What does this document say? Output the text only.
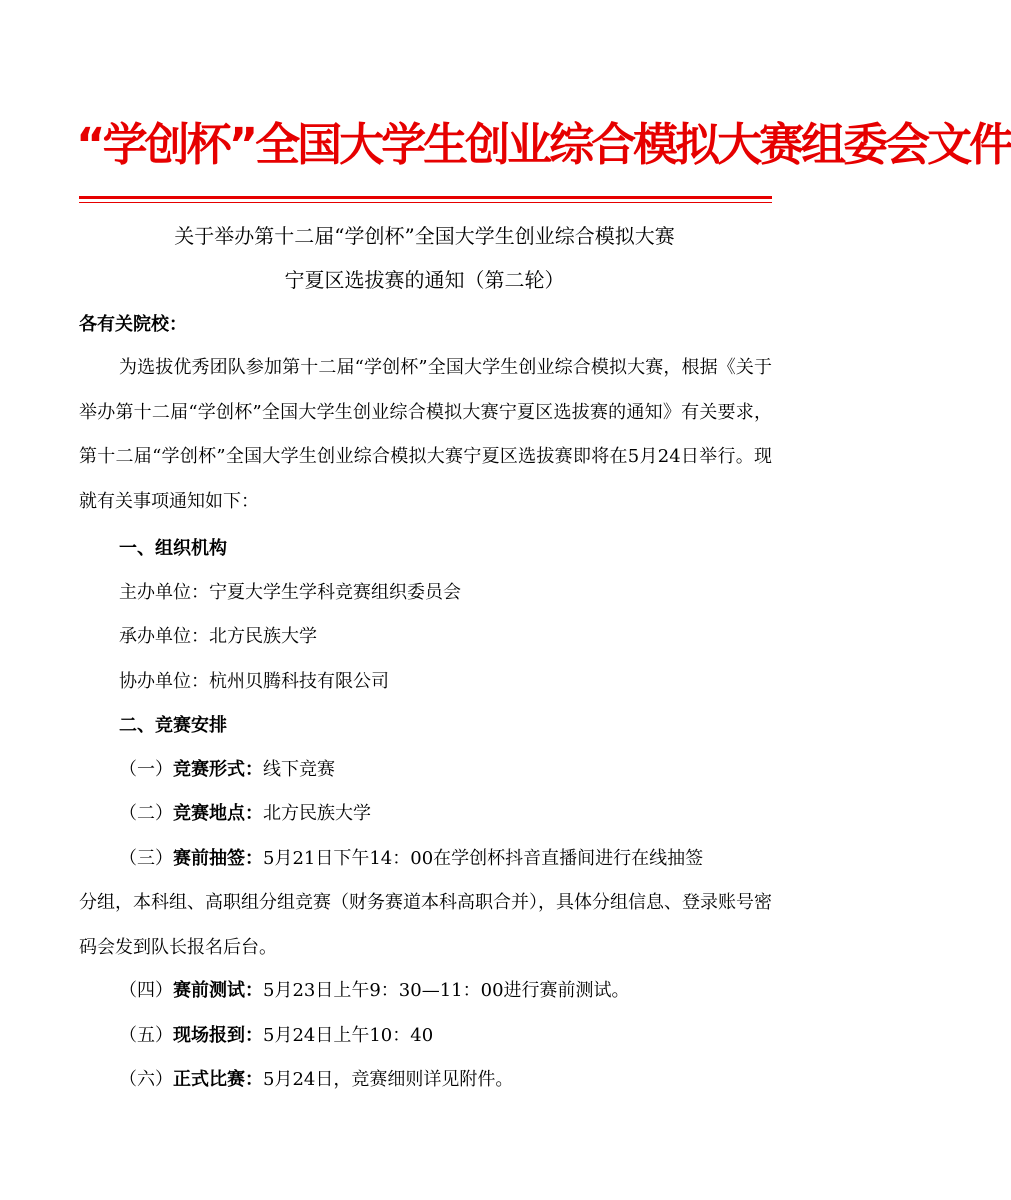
“学创杯”全国大学生创业综合模拟大赛组委会文件
关于举办第十二届“学创杯”全国大学生创业综合模拟大赛
宁夏区选拔赛的通知（第二轮）
各有关院校：
为选拔优秀团队参加第十二届“学创杯”全国大学生创业综合模拟大赛，根据《关于举办第十二届“学创杯”全国大学生创业综合模拟大赛宁夏区选拔赛的通知》有关要求，第十二届“学创杯”全国大学生创业综合模拟大赛宁夏区选拔赛即将在5月24日举行。现就有关事项通知如下：
一、组织机构
主办单位：宁夏大学生学科竞赛组织委员会
承办单位：北方民族大学
协办单位：杭州贝腾科技有限公司
二、竞赛安排
（一）竞赛形式：线下竞赛
（二）竞赛地点：北方民族大学
（三）赛前抽签：5月21日下午14：00在学创杯抖音直播间进行在线抽签
分组，本科组、高职组分组竞赛（财务赛道本科高职合并），具体分组信息、登录账号密码会发到队长报名后台。
（四）赛前测试：5月23日上午9：30—11：00进行赛前测试。
（五）现场报到：5月24日上午10：40
（六）正式比赛：5月24日，竞赛细则详见附件。
